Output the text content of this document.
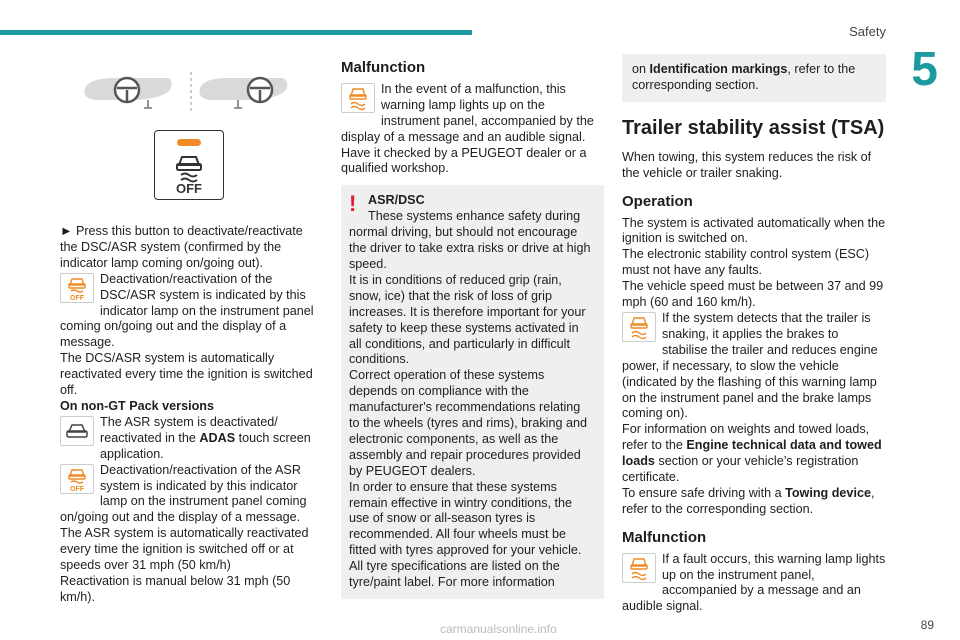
Safety
5
OFF

► Press this button to deactivate/reactivate the DSC/ASR system (confirmed by the indicator lamp coming on/going out).

OFF

Deactivation/reactivation of the DSC/ASR system is indicated by this indicator lamp on the instrument panel coming on/going out and the display of a message.

The DCS/ASR system is automatically reactivated every time the ignition is switched off.

On non-GT Pack versions

The ASR system is deactivated/ reactivated in the ADAS touch screen application.

OFF

Deactivation/reactivation of the ASR system is indicated by this indicator lamp on the instrument panel coming on/going out and the display of a message.

The ASR system is automatically reactivated every time the ignition is switched off or at speeds over 31 mph (50 km/h)

Reactivation is manual below 31 mph (50 km/h).

Malfunction

In the event of a malfunction, this warning lamp lights up on the instrument panel, accompanied by the display of a message and an audible signal.

Have it checked by a PEUGEOT dealer or a qualified workshop.

! ASR/DSC

These systems enhance safety during normal driving, but should not encourage the driver to take extra risks or drive at high speed.

It is in conditions of reduced grip (rain, snow, ice) that the risk of loss of grip increases. It is therefore important for your safety to keep these systems activated in all conditions, and particularly in difficult conditions.

Correct operation of these systems depends on compliance with the manufacturer's recommendations relating to the wheels (tyres and rims), braking and electronic components, as well as the assembly and repair procedures provided by PEUGEOT dealers.

In order to ensure that these systems remain effective in wintry conditions, the use of snow or all-season tyres is recommended. All four wheels must be fitted with tyres approved for your vehicle.

All tyre specifications are listed on the tyre/paint label. For more information

on Identification markings, refer to the corresponding section.

Trailer stability assist (TSA)

When towing, this system reduces the risk of the vehicle or trailer snaking.

Operation

The system is activated automatically when the ignition is switched on.

The electronic stability control system (ESC) must not have any faults.

The vehicle speed must be between 37 and 99 mph (60 and 160 km/h).

If the system detects that the trailer is snaking, it applies the brakes to stabilise the trailer and reduces engine power, if necessary, to slow the vehicle (indicated by the flashing of this warning lamp on the instrument panel and the brake lamps coming on).

For information on weights and towed loads, refer to the Engine technical data and towed loads section or your vehicle’s registration certificate.

To ensure safe driving with a Towing device, refer to the corresponding section.

Malfunction

If a fault occurs, this warning lamp lights up on the instrument panel, accompanied by a message and an audible signal.

carmanualsonline.info	89
